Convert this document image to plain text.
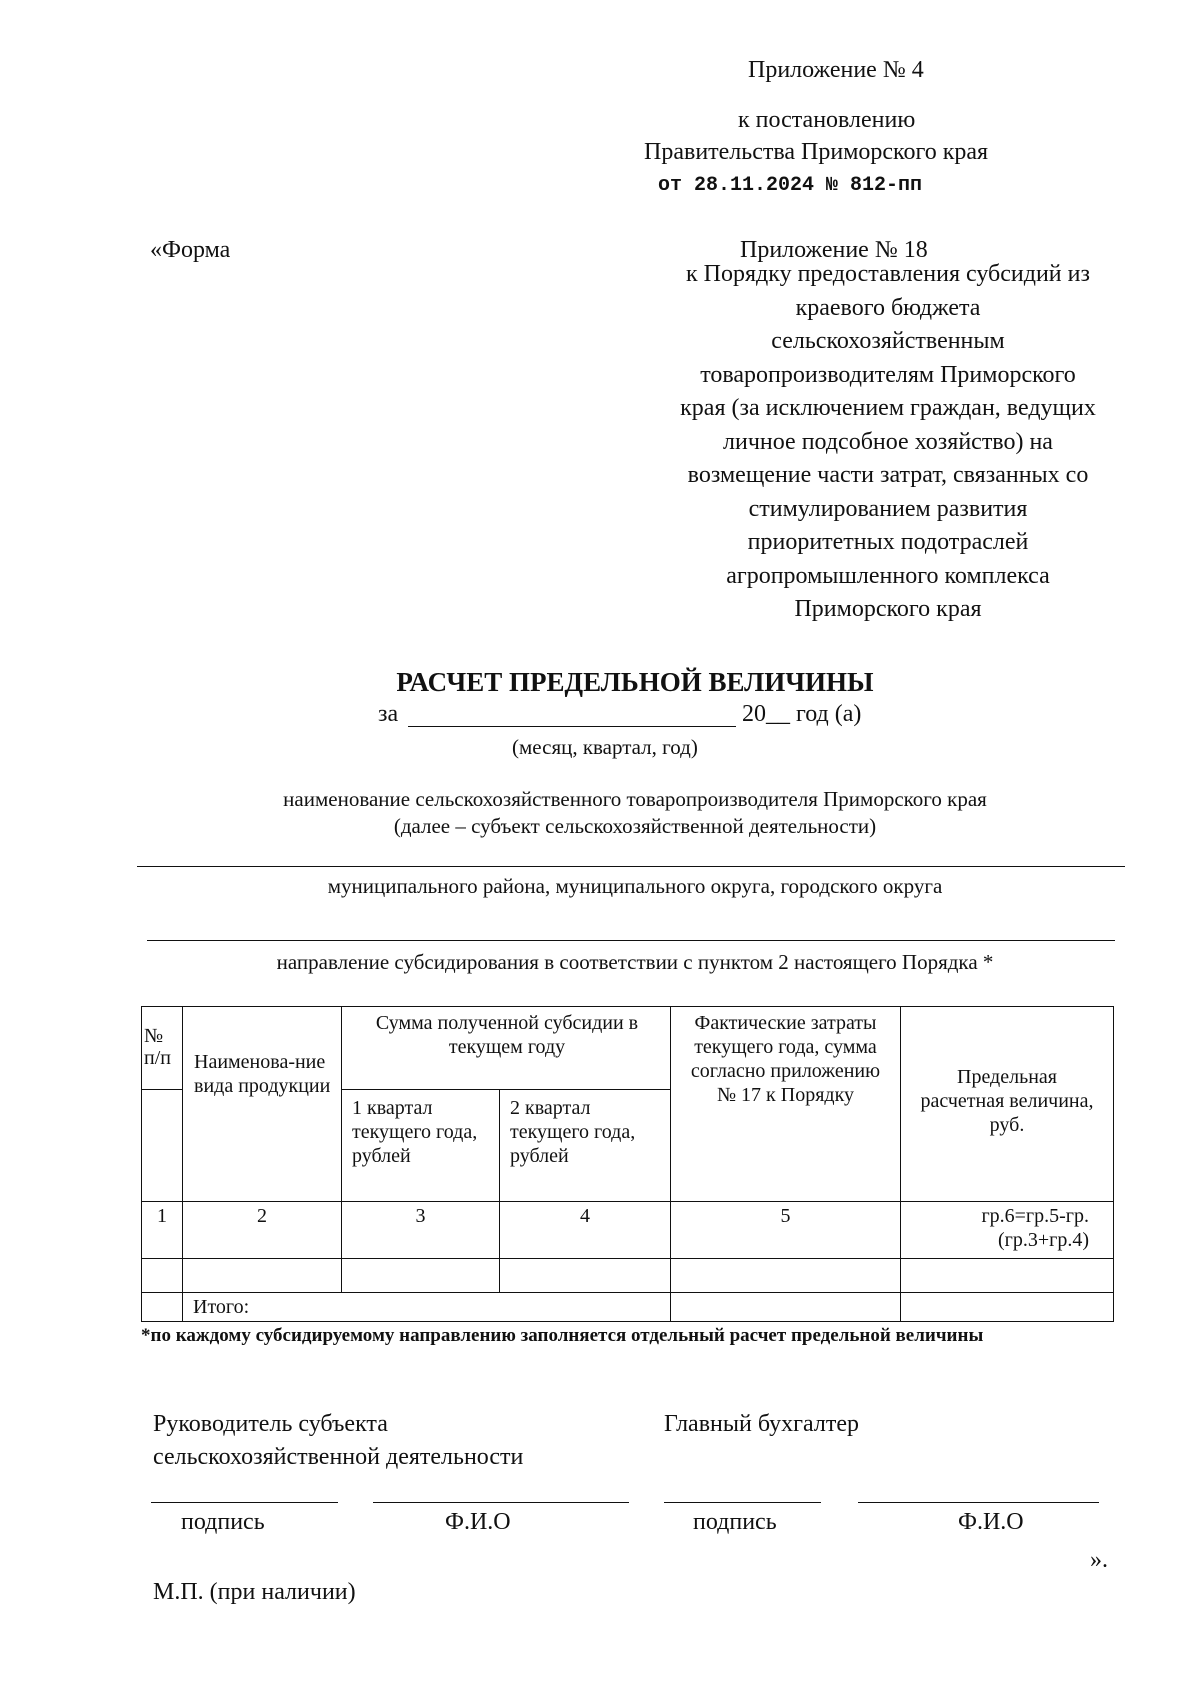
Приложение № 4
к постановлению
Правительства Приморского края
от 28.11.2024 № 812-пп
«Форма	Приложение № 18
к Порядку предоставления субсидий из
краевого бюджета
сельскохозяйственным
товаропроизводителям Приморского
края (за исключением граждан, ведущих
личное подсобное хозяйство) на
возмещение части затрат, связанных со
стимулированием развития
приоритетных подотраслей
агропромышленного комплекса
Приморского края
РАСЧЕТ ПРЕДЕЛЬНОЙ ВЕЛИЧИНЫ
за	20__ год (а)
(месяц, квартал, год)
наименование сельскохозяйственного товаропроизводителя Приморского края
(далее – субъект сельскохозяйственной деятельности)
муниципального района, муниципального округа, городского округа
направление субсидирования в соответствии с пунктом 2 настоящего Порядка *
№ п/п	Наименова-ние вида продукции	Сумма полученной субсидии в текущем году		Фактические затраты текущего года, сумма согласно приложению № 17 к Порядку	Предельная расчетная величина, руб.
		1 квартал текущего года, рублей	2 квартал текущего года, рублей		
1	2	3	4	5	гр.6=гр.5-гр.(гр.3+гр.4)

	Итого:				
*по каждому субсидируемому направлению заполняется отдельный расчет предельной величины
Руководитель субъекта
сельскохозяйственной деятельности
Главный бухгалтер
подпись	Ф.И.О	подпись	Ф.И.О
».
М.П. (при наличии)
